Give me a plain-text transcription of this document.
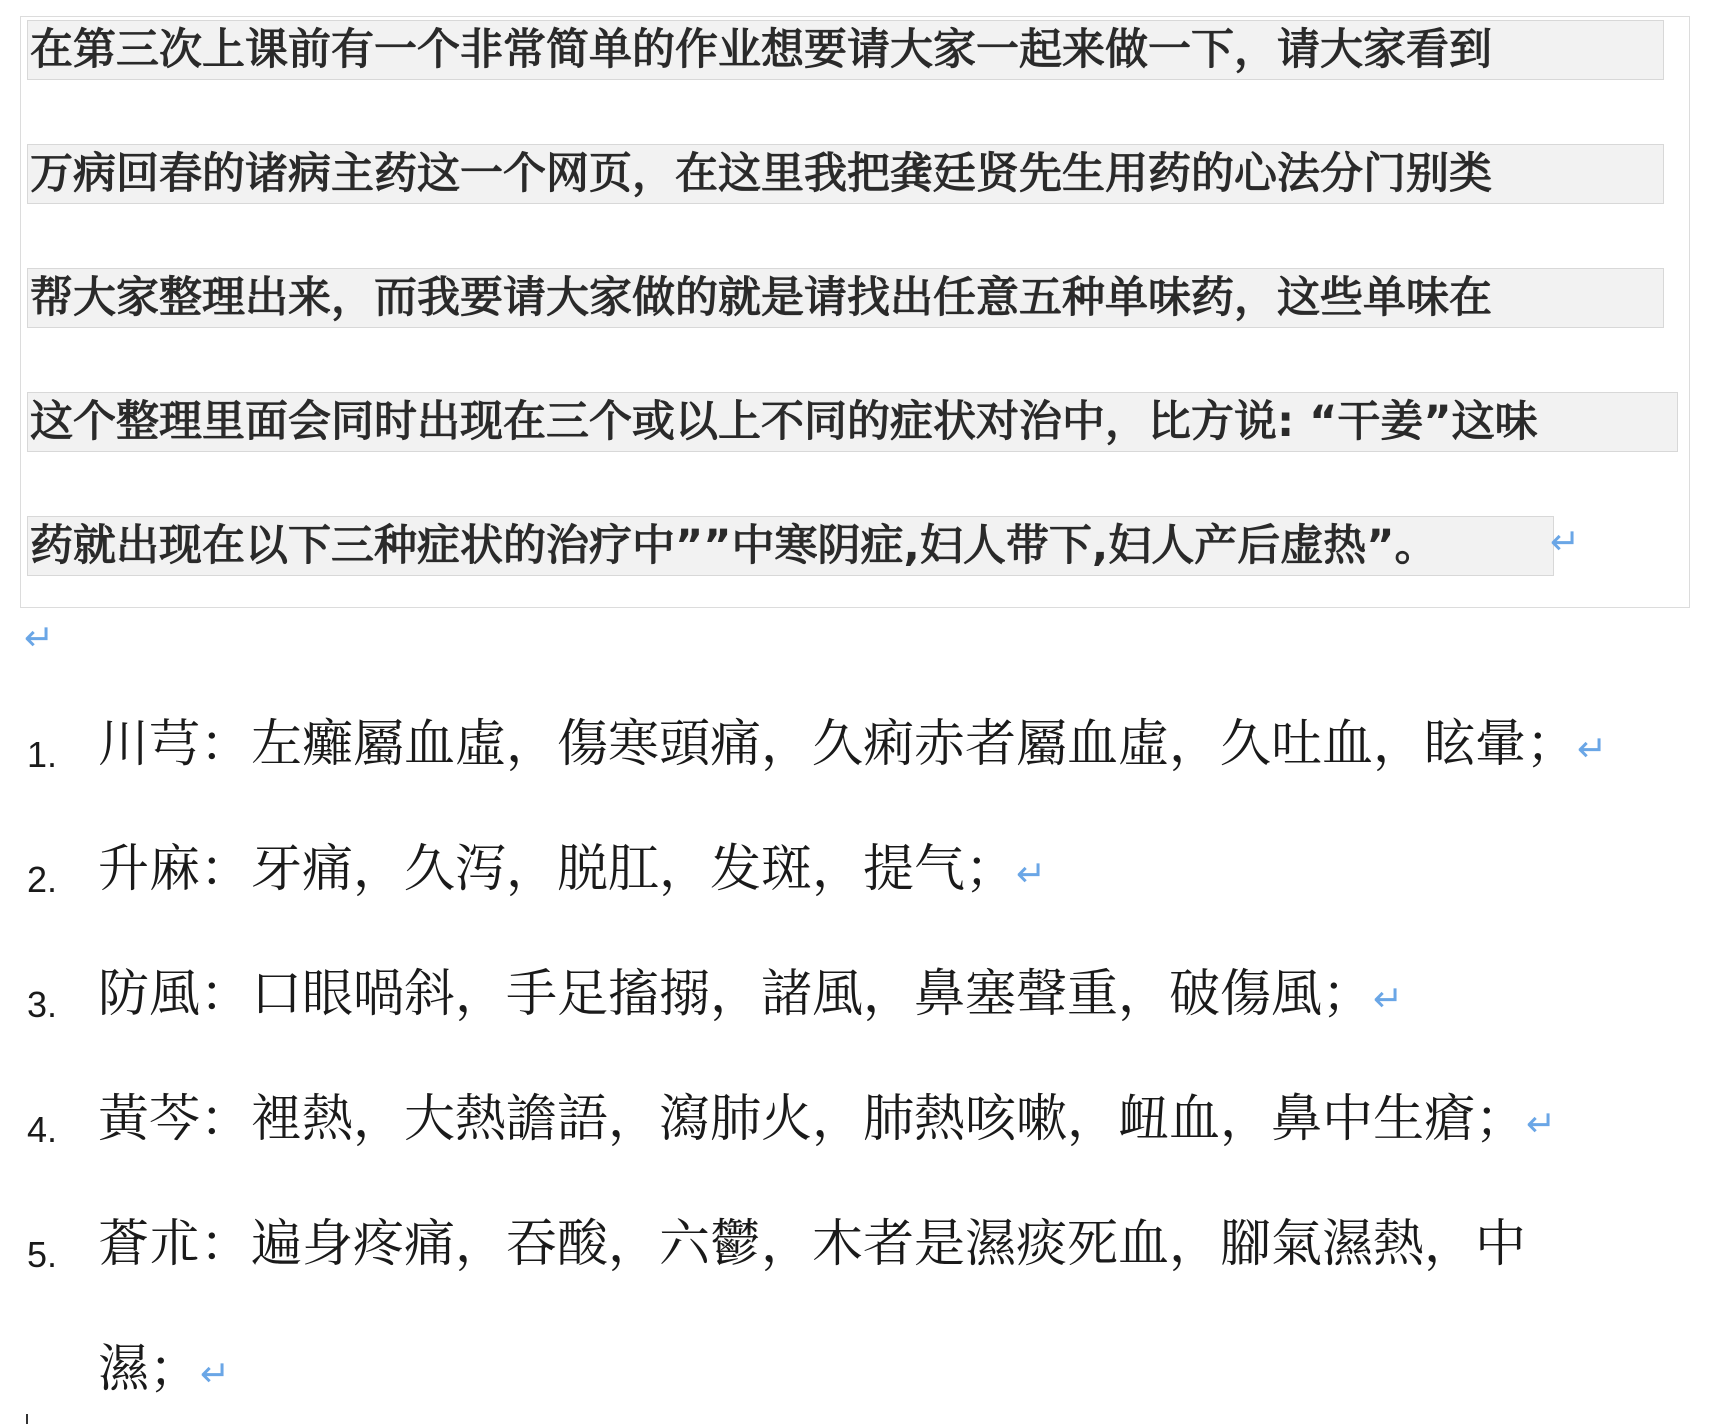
在第三次上课前有一个非常简单的作业想要请大家一起来做一下，请大家看到
万病回春的诸病主药这一个网页，在这里我把龚廷贤先生用药的心法分门别类
帮大家整理出来，而我要请大家做的就是请找出任意五种单味药，这些单味在
这个整理里面会同时出现在三个或以上不同的症状对治中，比方说: “干姜”这味
药就出现在以下三种症状的治疗中””中寒阴症,妇人带下,妇人产后虚热”。	↵
↵
1. 川芎：左癱屬血虛，傷寒頭痛，久痢赤者屬血虛，久吐血，眩暈；↵
2. 升麻：牙痛，久泻，脱肛，发斑，提气；↵
3. 防風：口眼喎斜，手足搐搦，諸風，鼻塞聲重，破傷風；↵
4. 黃芩：裡熱，大熱譫語，瀉肺火，肺熱咳嗽，衄血，鼻中生瘡；↵
5. 蒼朮：遍身疼痛，吞酸，六鬱，木者是濕痰死血，腳氣濕熱，中
濕；↵
